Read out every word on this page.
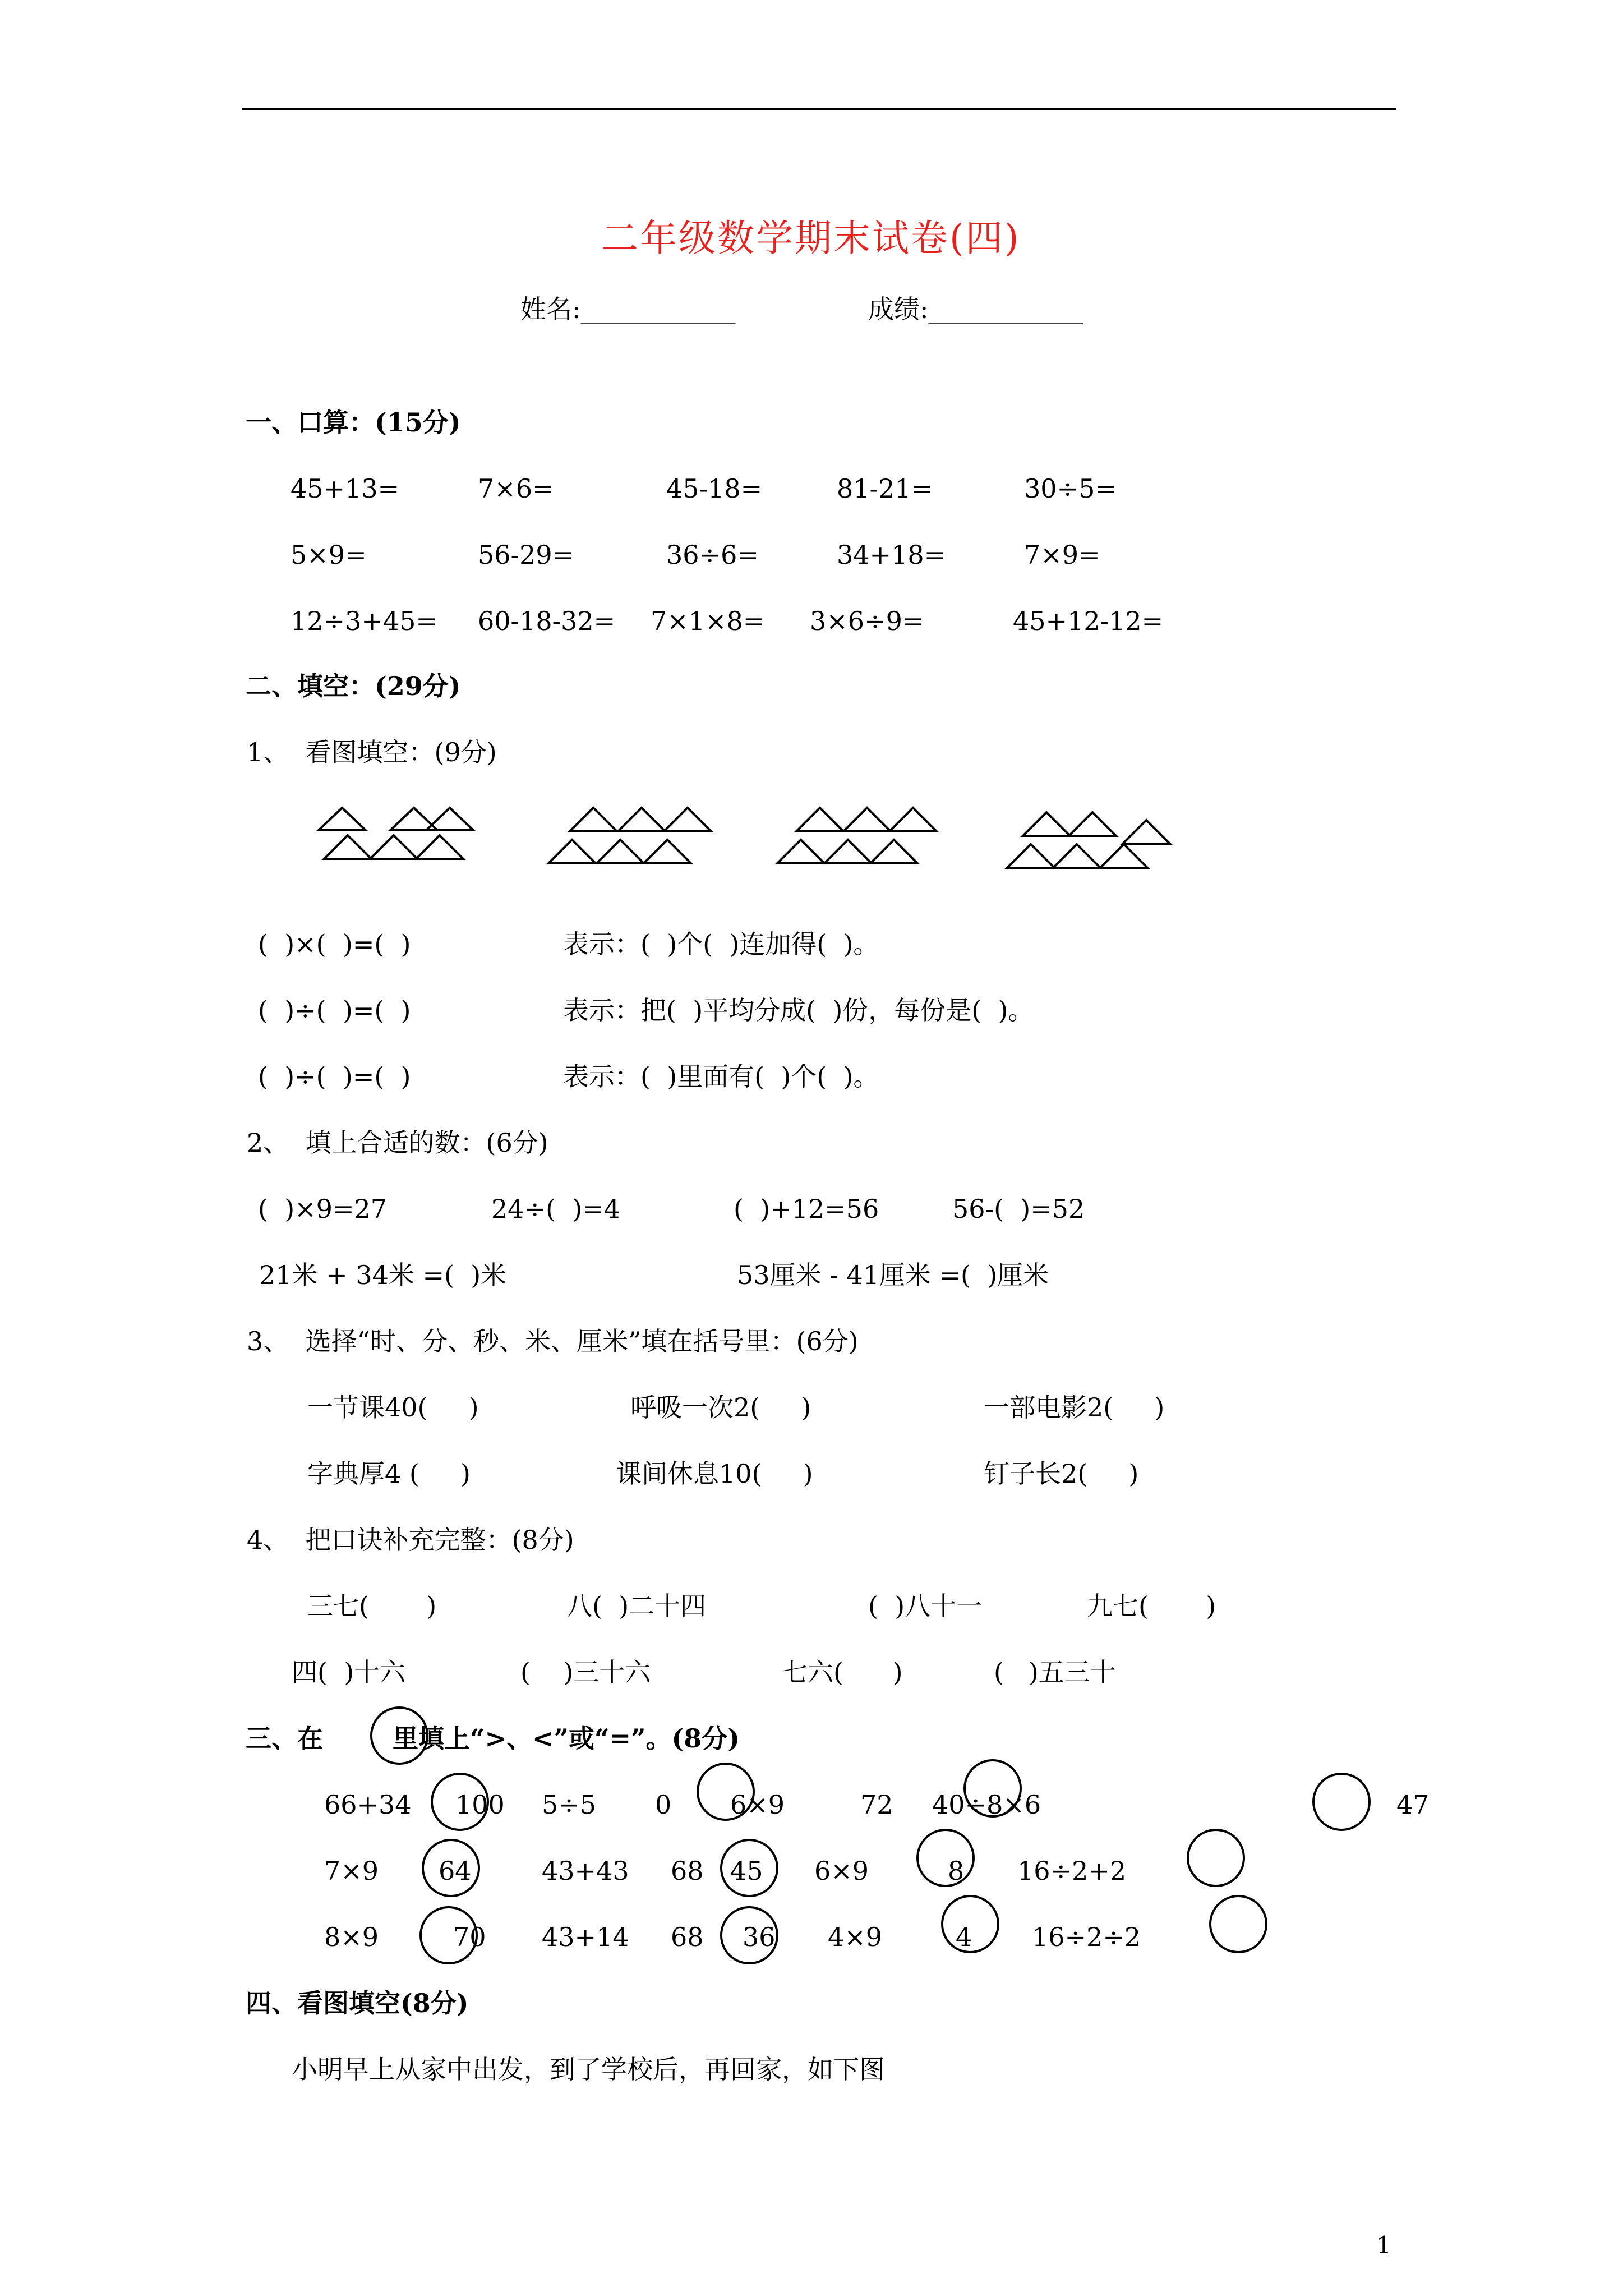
二年级数学期末试卷(四)
姓名:____________	成绩:____________
一、口算：(15分)
45+13=	7×6=	45-18=	81-21=	30÷5=
5×9=	56-29=	36÷6=	34+18=	7×9=
12÷3+45= 60-18-32= 7×1×8= 3×6÷9=	45+12-12=
二、填空：(29分)
1、  看图填空：(9分)
(  )×(  )=(  )	表示：(  )个(  )连加得(  )。
(  )÷(  )=(  )	表示：把(  )平均分成(  )份，每份是(  )。
(  )÷(  )=(  )	表示：(  )里面有(  )个(  )。
2、  填上合适的数：(6分)
(  )×9=27	24÷(  )=4	(  )+12=56	56-(  )=52
21米 + 34米 =(  )米	53厘米 - 41厘米 =(  )厘米
3、  选择“时、分、秒、米、厘米”填在括号里：(6分)
一节课40(     )	呼吸一次2(     )	一部电影2(     )
字典厚4 (     )	课间休息10(     )	钉子长2(     )
4、  把口诀补充完整：(8分)
三七(       )	八(  )二十四	(  )八十一	九七(       )
四(  )十六	(    )三十六	七六(      )	(   )五三十
三、在	里填上“>、<”或“=”。(8分)
66+34 100 5÷5 0 6×9	72 40÷8×6	47
7×9 64	43+43 68 45 6×9	8 16÷2+2
8×9	70 43+14 68 36 4×9	4 16÷2÷2
四、看图填空(8分)
小明早上从家中出发，到了学校后，再回家，如下图
1
